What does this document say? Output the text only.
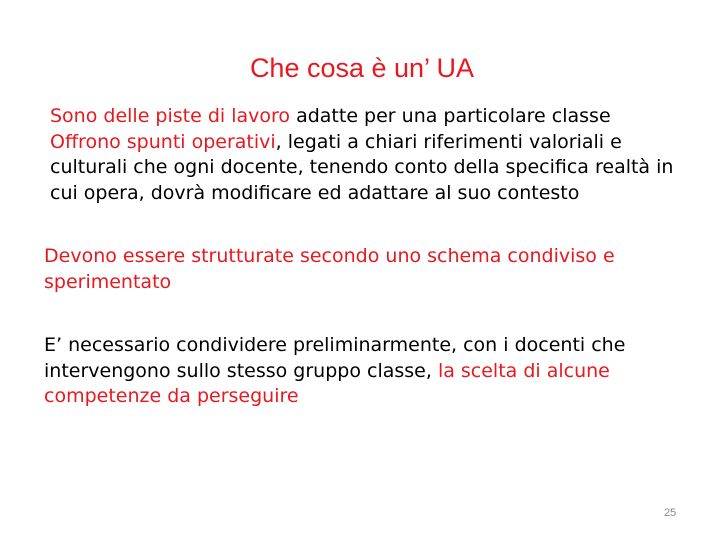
Che cosa è un’ UA

Sono delle piste di lavoro adatte per una particolare classe

Offrono spunti operativi, legati a chiari riferimenti valoriali e culturali che ogni docente, tenendo conto della specifica realtà in cui opera, dovrà modificare ed adattare al suo contesto

Devono essere strutturate secondo uno schema condiviso e sperimentato

E’ necessario condividere preliminarmente, con i docenti che intervengono sullo stesso gruppo classe, la scelta di alcune competenze da perseguire

25
